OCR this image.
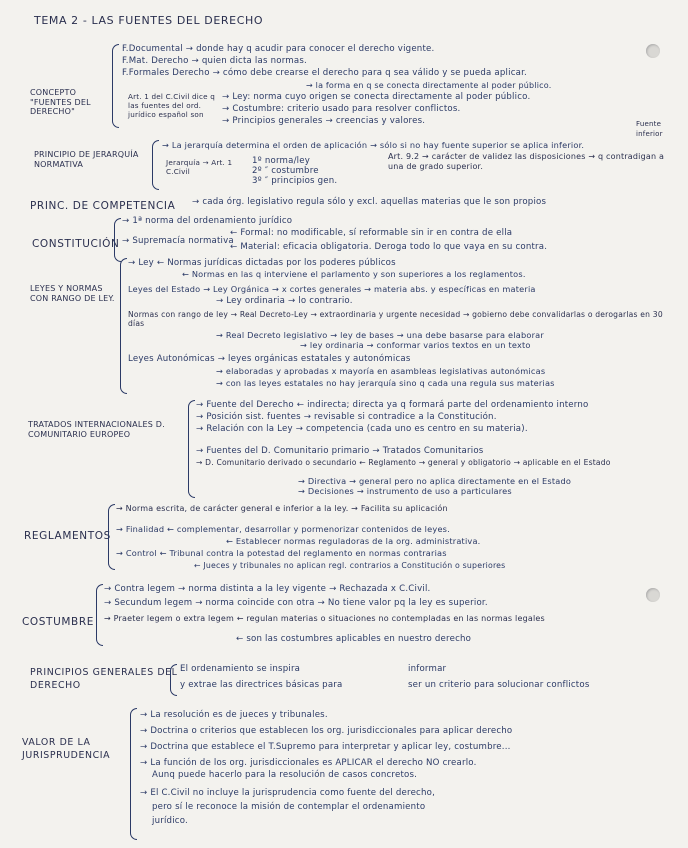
TEMA 2 - LAS FUENTES DEL DERECHO
CONCEPTO "FUENTES DEL DERECHO"
F.Documental → donde hay q acudir para conocer el derecho vigente.
F.Mat. Derecho → quien dicta las normas.
F.Formales Derecho → cómo debe crearse el derecho para q sea válido y se pueda aplicar.
→ la forma en q se conecta directamente al poder público.
Art. 1 del C.Civil dice q las fuentes del ord. jurídico español son
→ Ley: norma cuyo origen se conecta directamente al poder público.
→ Costumbre: criterio usado para resolver conflictos.
→ Principios generales → creencias y valores.
PRINCIPIO DE JERARQUÍA NORMATIVA
→ La jerarquía determina el orden de aplicación → sólo si no hay fuente superior se aplica inferior.
Fuente inferior
Jerarquía → Art. 1 C.Civil
1º norma/ley
2º ″ costumbre
3º ″ principios gen.
Art. 9.2 → carácter de validez las disposiciones → q contradigan a una de grado superior.
PRINC. DE COMPETENCIA → cada órg. legislativo regula sólo y excl. aquellas materias que le son propios
CONSTITUCIÓN
→ 1ª norma del ordenamiento jurídico
→ Supremacía normativa
← Formal: no modificable, sí reformable sin ir en contra de ella
← Material: eficacia obligatoria. Deroga todo lo que vaya en su contra.
LEYES Y NORMAS CON RANGO DE LEY.
→ Ley ← Normas jurídicas dictadas por los poderes públicos
← Normas en las q interviene el parlamento y son superiores a los reglamentos.
Leyes del Estado → Ley Orgánica → x cortes generales → materia abs. y específicas en materia
→ Ley ordinaria → lo contrario.
Normas con rango de ley → Real Decreto-Ley → extraordinaria y urgente necesidad → gobierno debe convalidarlas o derogarlas en 30 días
→ Real Decreto legislativo → ley de bases → una debe basarse para elaborar
→ ley ordinaria → conformar varios textos en un texto
Leyes Autonómicas → leyes orgánicas estatales y autonómicas
→ elaboradas y aprobadas x mayoría en asambleas legislativas autonómicas
→ con las leyes estatales no hay jerarquía sino q cada una regula sus materias
TRATADOS INTERNACIONALES D. COMUNITARIO EUROPEO
→ Fuente del Derecho ← indirecta; directa ya q formará parte del ordenamiento interno
→ Posición sist. fuentes → revisable si contradice a la Constitución.
→ Relación con la Ley → competencia (cada uno es centro en su materia).
→ Fuentes del D. Comunitario primario → Tratados Comunitarios
→ D. Comunitario derivado o secundario ← Reglamento → general y obligatorio → aplicable en el Estado
→ Directiva → general pero no aplica directamente en el Estado
→ Decisiones → instrumento de uso a particulares
REGLAMENTOS
→ Norma escrita, de carácter general e inferior a la ley. → Facilita su aplicación
→ Finalidad ← complementar, desarrollar y pormenorizar contenidos de leyes.
← Establecer normas reguladoras de la org. administrativa.
→ Control ← Tribunal contra la potestad del reglamento en normas contrarias
← Jueces y tribunales no aplican regl. contrarios a Constitución o superiores
COSTUMBRE
→ Contra legem → norma distinta a la ley vigente → Rechazada x C.Civil.
→ Secundum legem → norma coincide con otra → No tiene valor pq la ley es superior.
→ Praeter legem o extra legem ← regulan materias o situaciones no contempladas en las normas legales
← son las costumbres aplicables en nuestro derecho
PRINCIPIOS GENERALES DEL DERECHO
El ordenamiento se inspira
y extrae las directrices básicas para
informar
ser un criterio para solucionar conflictos
VALOR DE LA JURISPRUDENCIA
→ La resolución es de jueces y tribunales.
→ Doctrina o criterios que establecen los org. jurisdiccionales para aplicar derecho
→ Doctrina que establece el T.Supremo para interpretar y aplicar ley, costumbre...
→ La función de los org. jurisdiccionales es APLICAR el derecho NO crearlo.
Aunq puede hacerlo para la resolución de casos concretos.
→ El C.Civil no incluye la jurisprudencia como fuente del derecho,
pero sí le reconoce la misión de contemplar el ordenamiento
jurídico.
